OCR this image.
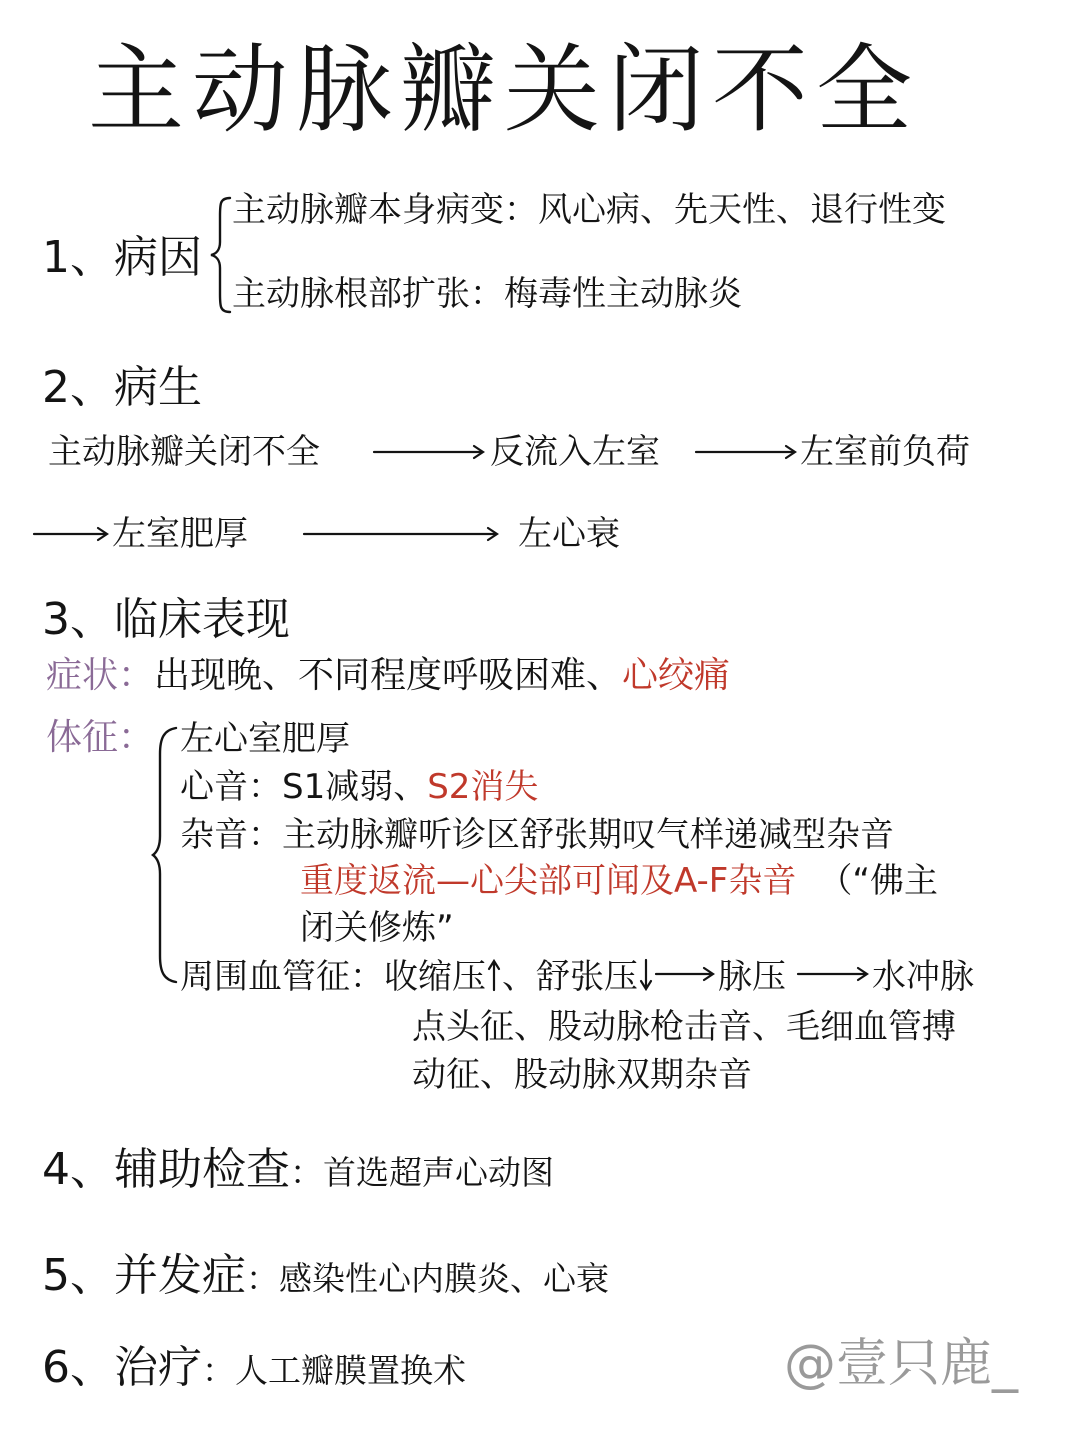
主动脉瓣关闭不全
1、病因
主动脉瓣本身病变：风心病、先天性、退行性变
主动脉根部扩张：梅毒性主动脉炎
2、病生
主动脉瓣关闭不全	反流入左室	左室前负荷
左室肥厚	左心衰
3、临床表现
症状：出现晚、不同程度呼吸困难、心绞痛
体征： 左心室肥厚
心音：S1减弱、S2消失
杂音：主动脉瓣听诊区舒张期叹气样递减型杂音
重度返流—心尖部可闻及A-F杂音 （“佛主
闭关修炼”
周围血管征：收缩压 、舒张压 脉压	水冲脉
点头征、股动脉枪击音、毛细血管搏
动征、股动脉双期杂音
4、辅助检查：首选超声心动图
5、并发症：感染性心内膜炎、心衰
6、治疗：人工瓣膜置换术	@壹只鹿_
